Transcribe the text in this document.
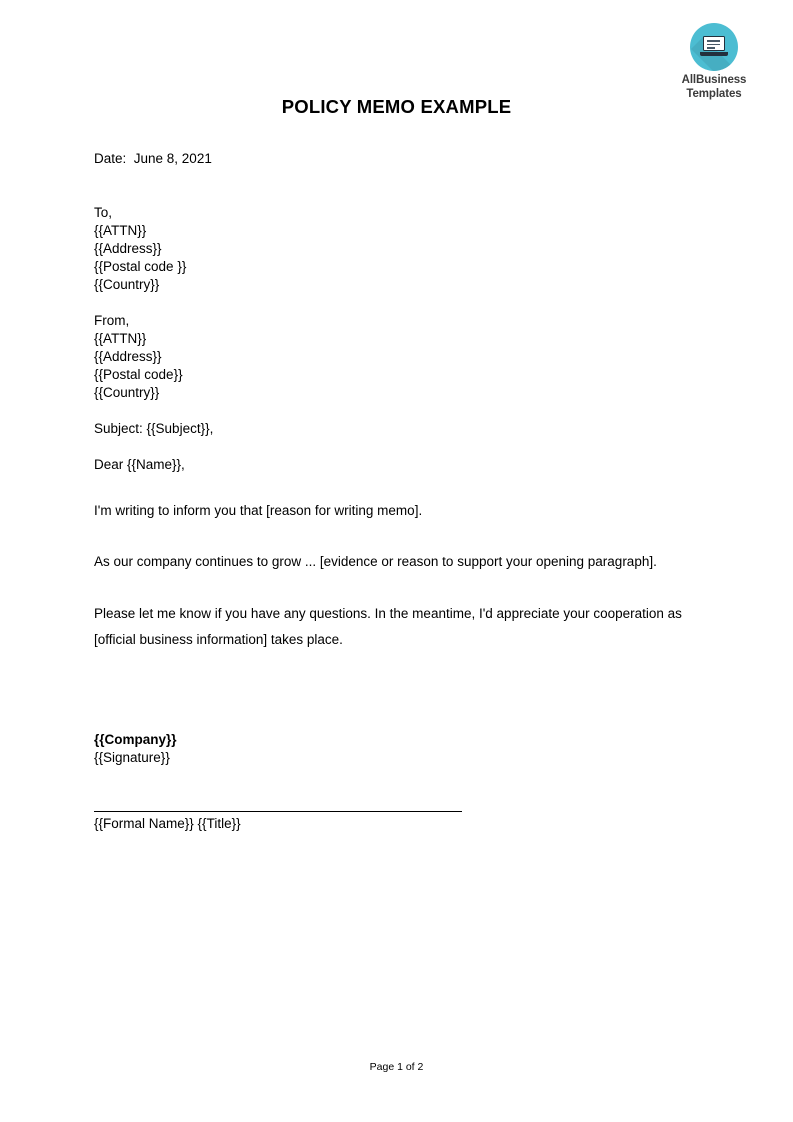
AllBusiness
Templates
POLICY MEMO EXAMPLE
Date:  June 8, 2021
To,
{{ATTN}}
{{Address}}
{{Postal code }}
{{Country}}
From,
{{ATTN}}
{{Address}}
{{Postal code}}
{{Country}}
Subject: {{Subject}},
Dear {{Name}},
I'm writing to inform you that [reason for writing memo].
As our company continues to grow ... [evidence or reason to support your opening paragraph].
Please let me know if you have any questions. In the meantime, I'd appreciate your cooperation as [official business information] takes place.
{{Company}}
{{Signature}}
{{Formal Name}} {{Title}}
Page 1 of 2
